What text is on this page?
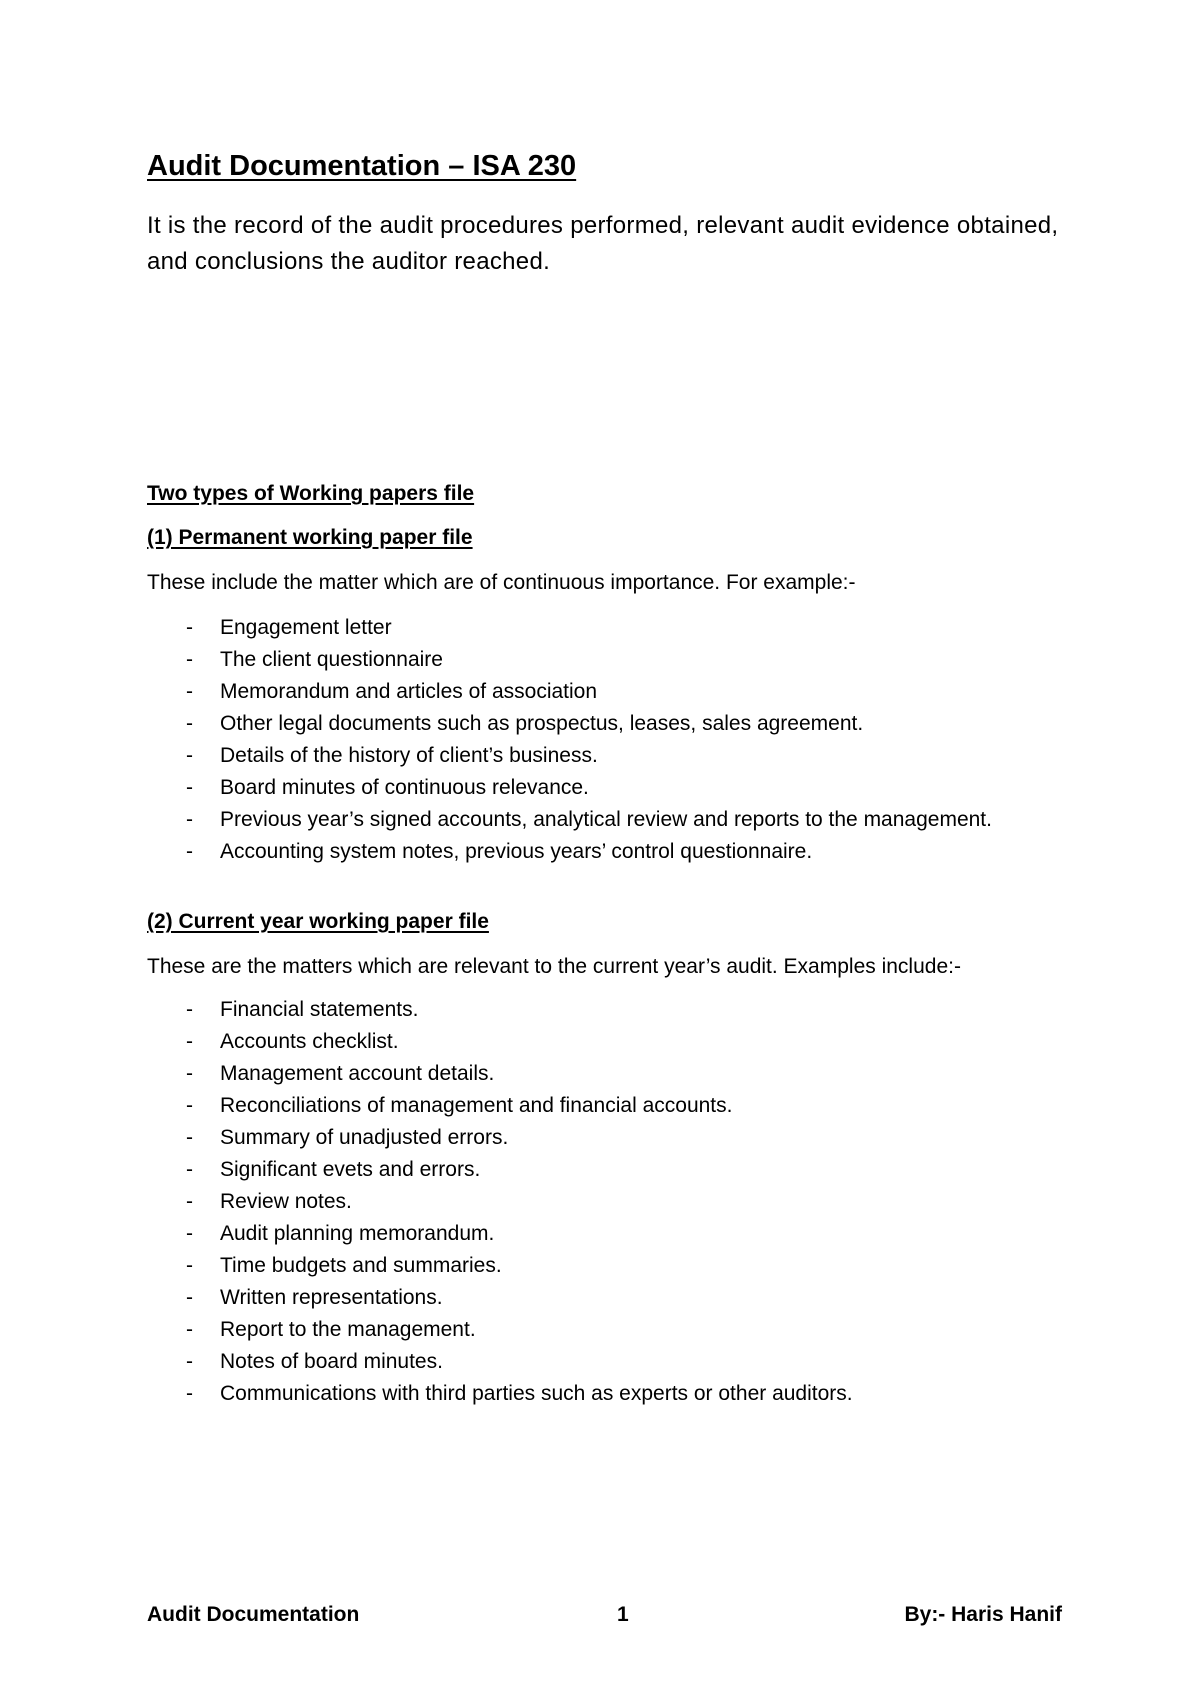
Audit Documentation – ISA 230
It is the record of the audit procedures performed, relevant audit evidence obtained, and conclusions the auditor reached.
Two types of Working papers file
(1) Permanent working paper file
These include the matter which are of continuous importance. For example:-
-	Engagement letter
-	The client questionnaire
-	Memorandum and articles of association
-	Other legal documents such as prospectus, leases, sales agreement.
-	Details of the history of client’s business.
-	Board minutes of continuous relevance.
-	Previous year’s signed accounts, analytical review and reports to the management.
-	Accounting system notes, previous years’ control questionnaire.
(2) Current year working paper file
These are the matters which are relevant to the current year’s audit. Examples include:-
-	Financial statements.
-	Accounts checklist.
-	Management account details.
-	Reconciliations of management and financial accounts.
-	Summary of unadjusted errors.
-	Significant evets and errors.
-	Review notes.
-	Audit planning memorandum.
-	Time budgets and summaries.
-	Written representations.
-	Report to the management.
-	Notes of board minutes.
-	Communications with third parties such as experts or other auditors.
Audit Documentation	1	By:- Haris Hanif
